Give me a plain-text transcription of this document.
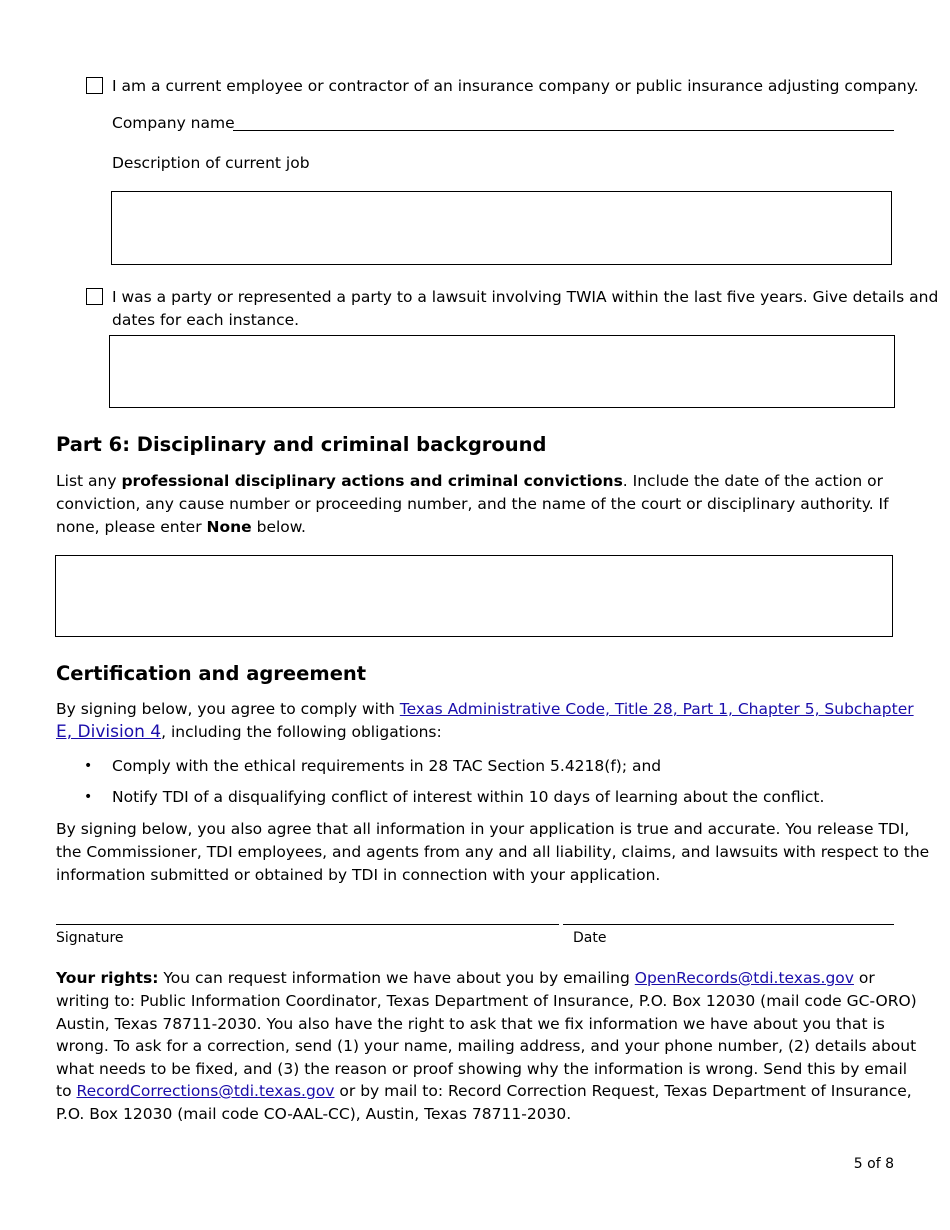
I am a current employee or contractor of an insurance company or public insurance adjusting company.
Company name
Description of current job
I was a party or represented a party to a lawsuit involving TWIA within the last five years. Give details and
dates for each instance.
Part 6: Disciplinary and criminal background
List any professional disciplinary actions and criminal convictions. Include the date of the action or
conviction, any cause number or proceeding number, and the name of the court or disciplinary authority. If
none, please enter None below.
Certification and agreement
By signing below, you agree to comply with Texas Administrative Code, Title 28, Part 1, Chapter 5, Subchapter
E, Division 4, including the following obligations:
• Comply with the ethical requirements in 28 TAC Section 5.4218(f); and
• Notify TDI of a disqualifying conflict of interest within 10 days of learning about the conflict.
By signing below, you also agree that all information in your application is true and accurate. You release TDI,
the Commissioner, TDI employees, and agents from any and all liability, claims, and lawsuits with respect to the
information submitted or obtained by TDI in connection with your application.
Signature	Date
Your rights: You can request information we have about you by emailing OpenRecords@tdi.texas.gov or
writing to: Public Information Coordinator, Texas Department of Insurance, P.O. Box 12030 (mail code GC-ORO)
Austin, Texas 78711-2030. You also have the right to ask that we fix information we have about you that is
wrong. To ask for a correction, send (1) your name, mailing address, and your phone number, (2) details about
what needs to be fixed, and (3) the reason or proof showing why the information is wrong. Send this by email
to RecordCorrections@tdi.texas.gov or by mail to: Record Correction Request, Texas Department of Insurance,
P.O. Box 12030 (mail code CO-AAL-CC), Austin, Texas 78711-2030.
5 of 8
